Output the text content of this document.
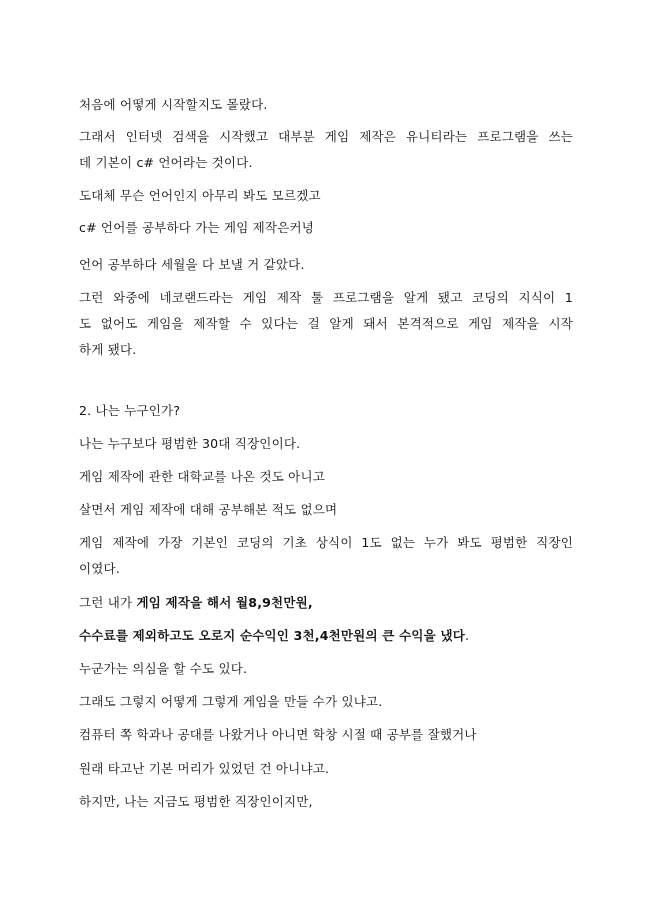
처음에 어떻게 시작할지도 몰랐다.
그래서 인터넷 검색을 시작했고 대부분 게임 제작은 유니티라는 프로그램을 쓰는
데 기본이 c# 언어라는 것이다.
도대체 무슨 언어인지 아무리 봐도 모르겠고
c# 언어를 공부하다 가는 게임 제작은커녕
언어 공부하다 세월을 다 보낼 거 같았다.
그런 와중에 네코랜드라는 게임 제작 툴 프로그램을 알게 됐고 코딩의 지식이 1
도 없어도 게임을 제작할 수 있다는 걸 알게 돼서 본격적으로 게임 제작을 시작
하게 됐다.
2. 나는 누구인가?
나는 누구보다 평범한 30대 직장인이다.
게임 제작에 관한 대학교를 나온 것도 아니고
살면서 게임 제작에 대해 공부해본 적도 없으며
게임 제작에 가장 기본인 코딩의 기초 상식이 1도 없는 누가 봐도 평범한 직장인
이였다.
그런 내가 게임 제작을 해서 월8,9천만원,
수수료를 제외하고도 오로지 순수익인 3천,4천만원의 큰 수익을 냈다.
누군가는 의심을 할 수도 있다.
그래도 그렇지 어떻게 그렇게 게임을 만들 수가 있냐고.
컴퓨터 쪽 학과나 공대를 나왔거나 아니면 학창 시절 때 공부를 잘했거나
원래 타고난 기본 머리가 있었던 건 아니냐고.
하지만, 나는 지금도 평범한 직장인이지만,
